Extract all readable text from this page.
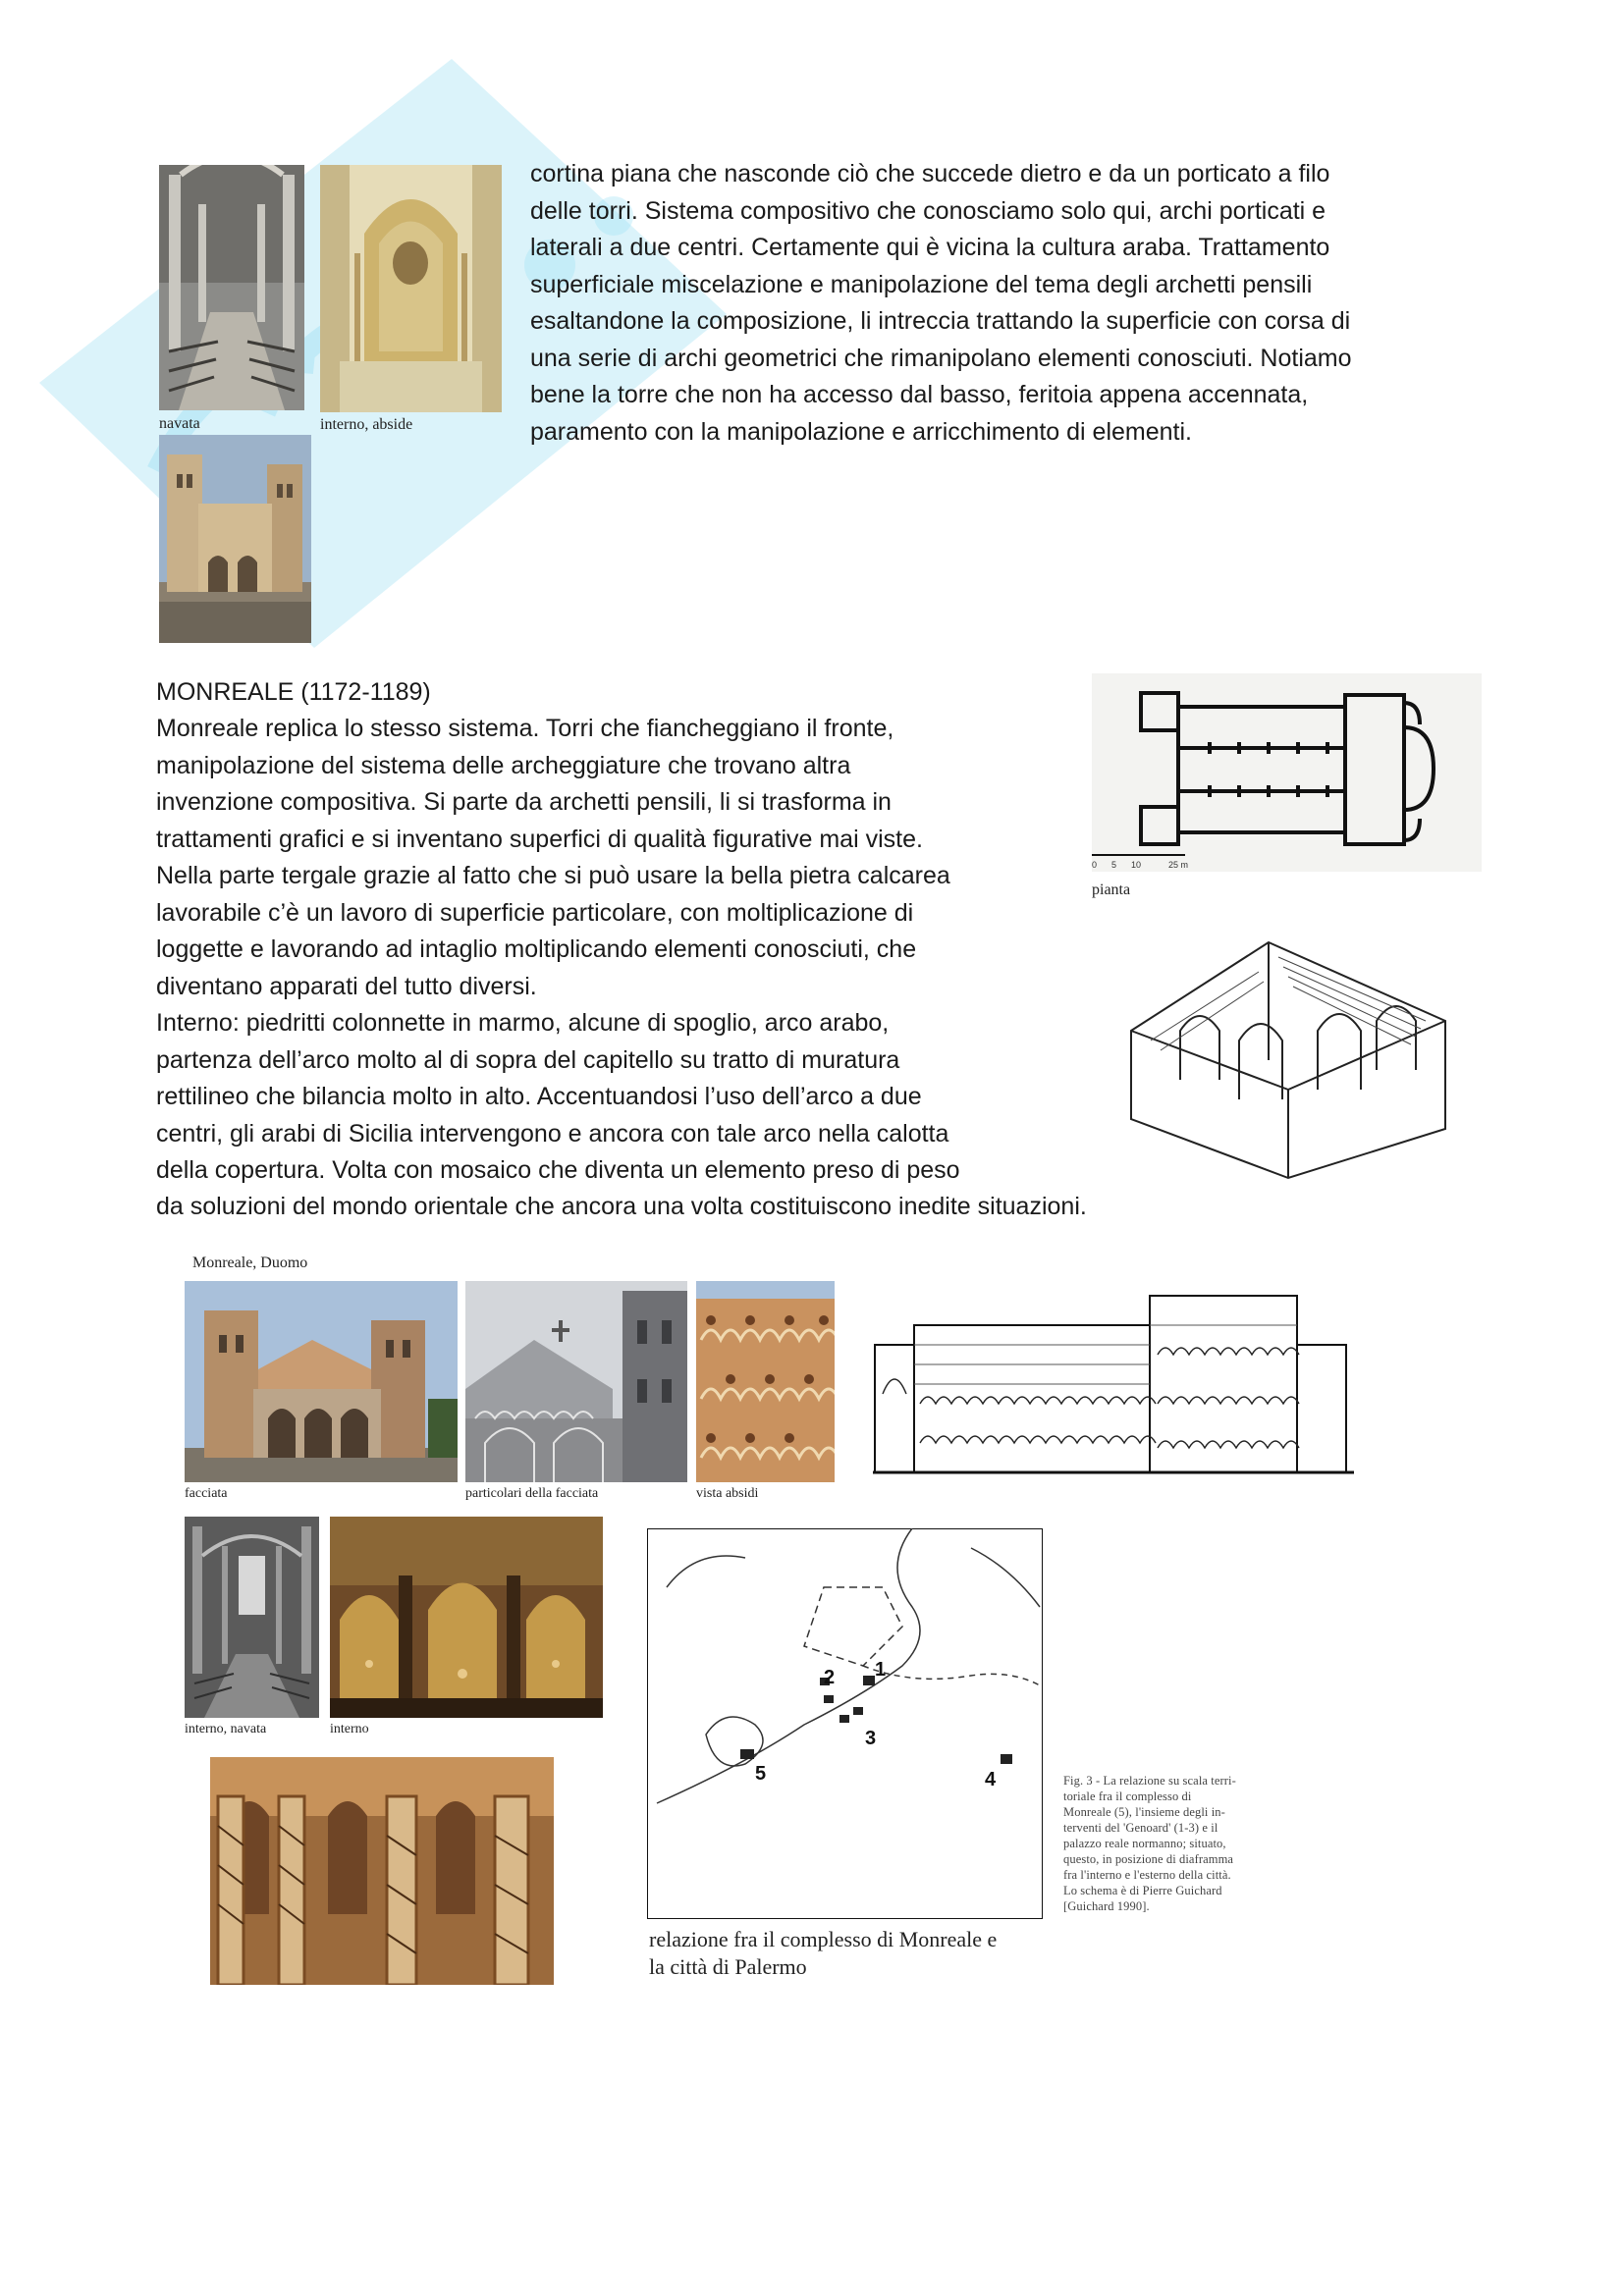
navata	interno, abside

cortina piana che nasconde ciò che succede dietro e da un porticato a filo
delle torri. Sistema compositivo che conosciamo solo qui, archi porticati e
laterali a due centri. Certamente qui è vicina la cultura araba. Trattamento
superficiale miscelazione e manipolazione del tema degli archetti pensili
esaltandone la composizione, li intreccia trattando la superficie con corsa di
una serie di archi geometrici che rimanipolano elementi conosciuti. Notiamo
bene la torre che non ha accesso dal basso, feritoia appena accennata,
paramento con la manipolazione e arricchimento di elementi.

MONREALE (1172-1189)

Monreale replica lo stesso sistema. Torri che fiancheggiano il fronte,
manipolazione del sistema delle archeggiature che trovano altra
invenzione compositiva. Si parte da archetti pensili, li si trasforma in
trattamenti grafici e si inventano superfici di qualità figurative mai viste.
Nella parte tergale grazie al fatto che si può usare la bella pietra calcarea
lavorabile c’è un lavoro di superficie particolare, con moltiplicazione di
loggette e lavorando ad intaglio moltiplicando elementi conosciuti, che
diventano apparati del tutto diversi.
Interno: piedritti colonnette in marmo, alcune di spoglio, arco arabo,
partenza dell’arco molto al di sopra del capitello su tratto di muratura
rettilineo che bilancia molto in alto. Accentuandosi l’uso dell’arco a due
centri, gli arabi di Sicilia intervengono e ancora con tale arco nella calotta
della copertura. Volta con mosaico che diventa un elemento preso di peso

da soluzioni del mondo orientale che ancora una volta costituiscono inedite situazioni.

0 5 10	25 m
pianta
Monreale, Duomo
facciata	particolari della facciata	vista absidi
interno, navata	interno
1
2
3
4
5	Fig. 3 - La relazione su scala terri-
toriale fra il complesso di
Monreale (5), l'insieme degli in-
terventi del 'Genoard' (1-3) e il
palazzo reale normanno; situato,
questo, in posizione di diaframma
fra l'interno e l'esterno della città.
Lo schema è di Pierre Guichard
[Guichard 1990].
relazione fra il complesso di Monreale e
la città di Palermo
